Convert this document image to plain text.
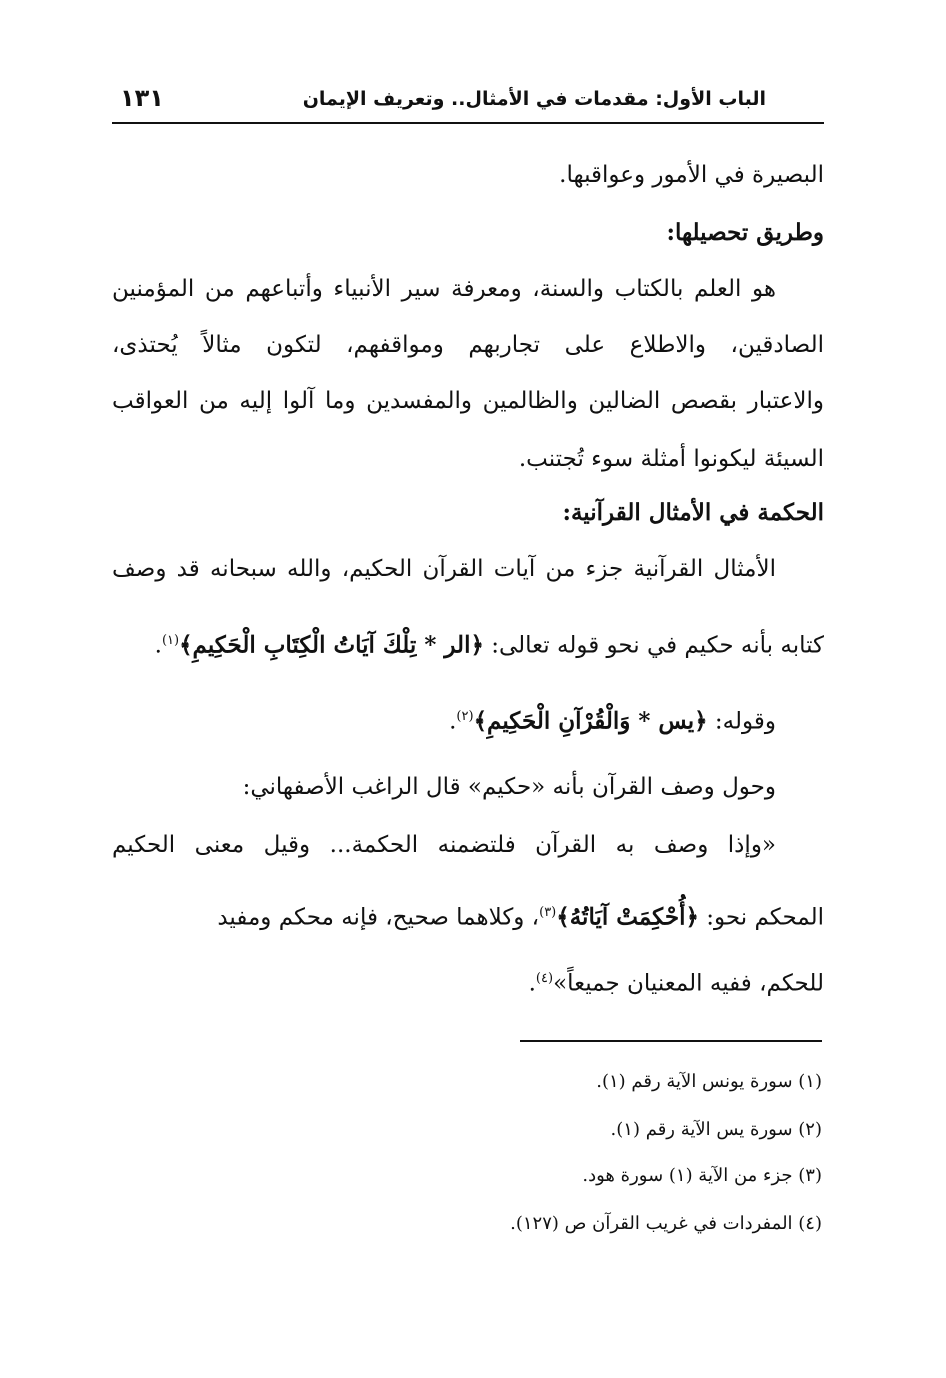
الباب الأول: مقدمات في الأمثال.. وتعريف الإيمان
١٣١
البصيرة في الأمور وعواقبها.
وطريق تحصيلها:
هو العلم بالكتاب والسنة، ومعرفة سير الأنبياء وأتباعهم من المؤمنين
الصادقين، والاطلاع على تجاربهم ومواقفهم، لتكون مثالاً يُحتذى،
والاعتبار بقصص الضالين والظالمين والمفسدين وما آلوا إليه من العواقب
السيئة ليكونوا أمثلة سوء تُجتنب.
الحكمة في الأمثال القرآنية:
الأمثال القرآنية جزء من آيات القرآن الحكيم، والله سبحانه قد وصف
كتابه بأنه حكيم في نحو قوله تعالى: ﴿الر * تِلْكَ آيَاتُ الْكِتَابِ الْحَكِيمِ﴾$^{(١)}$.
وقوله: ﴿يس * وَالْقُرْآنِ الْحَكِيمِ﴾$^{(٢)}$.
وحول وصف القرآن بأنه «حكيم» قال الراغب الأصفهاني:
«وإذا وصف به القرآن فلتضمنه الحكمة... وقيل معنى الحكيم
المحكم نحو: ﴿أُحْكِمَتْ آيَاتُهُ﴾$^{(٣)}$، وكلاهما صحيح، فإنه محكم ومفيد
للحكم، ففيه المعنيان جميعاً»$^{(٤)}$.
(١) سورة يونس الآية رقم (١).
(٢) سورة يس الآية رقم (١).
(٣) جزء من الآية (١) سورة هود.
(٤) المفردات في غريب القرآن ص (١٢٧).
